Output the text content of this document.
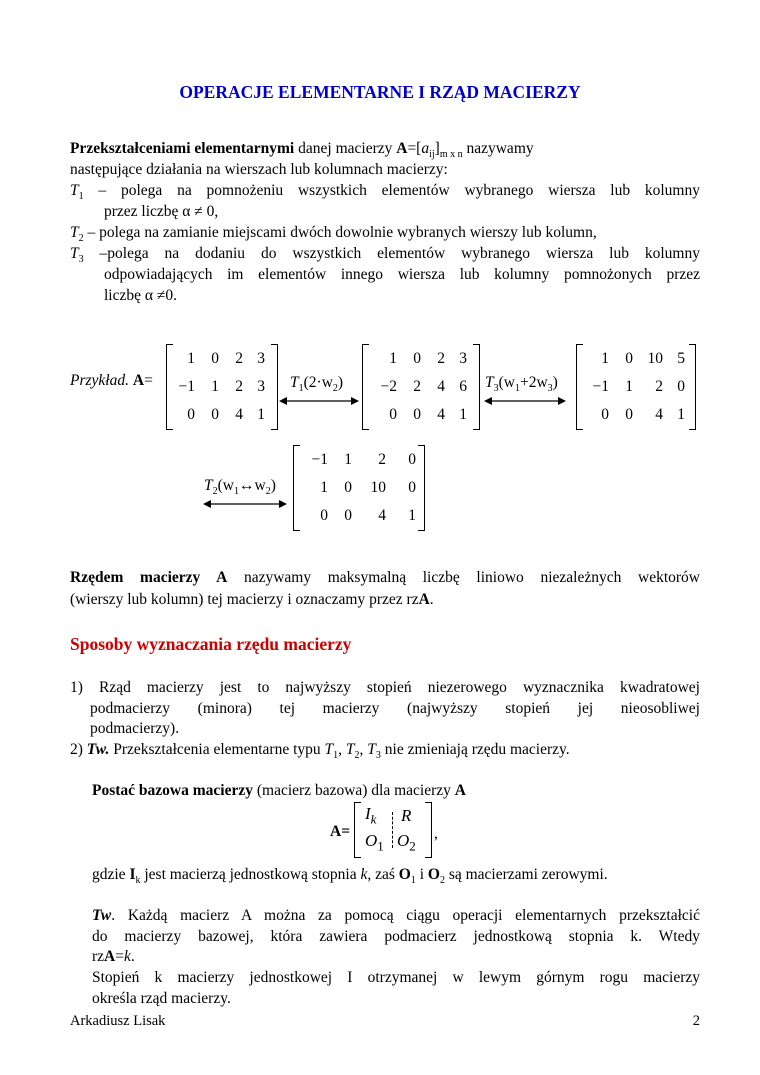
OPERACJE ELEMENTARNE I RZĄD MACIERZY
Przekształceniami elementarnymi danej macierzy $A=[a_{ij}]_{m x n}$ nazywamy
następujące działania na wierszach lub kolumnach macierzy:
$T_1$ – polega na pomnożeniu wszystkich elementów wybranego wiersza lub kolumny
przez liczbę α ≠ 0,
$T_2$ – polega na zamianie miejscami dwóch dowolnie wybranych wierszy lub kolumn,
$T_3$ –polega na dodaniu do wszystkich elementów wybranego wiersza lub kolumny
odpowiadających im elementów innego wiersza lub kolumny pomnożonych przez
liczbę α ≠0.
Przykład. A=
1	0	2	3
−1	1	2	3
0	0	4	1
$T_1(2\cdot w_2)$
1	0	2	3
−2	2	4	6
0	0	4	1
$T_3(w_1+2w_3)$
1	0	10	5
−1	1	2	0
0	0	4	1
$T_2(w_1\leftrightarrow w_2)$
−1	1	2	0
1	0	10	0
0	0	4	1
Rzędem macierzy A nazywamy maksymalną liczbę liniowo niezależnych wektorów
(wierszy lub kolumn) tej macierzy i oznaczamy przez rzA.
Sposoby wyznaczania rzędu macierzy
1) Rząd macierzy jest to najwyższy stopień niezerowego wyznacznika kwadratowej
podmacierzy (minora) tej macierzy (najwyższy stopień jej nieosobliwej
podmacierzy).
2) Tw. Przekształcenia elementarne typu $T_1$, $T_2$, $T_3$ nie zmieniają rzędu macierzy.
Postać bazowa macierzy (macierz bazowa) dla macierzy A
A=
$I_k$ R
$O_1$ $O_2$
,
gdzie $I_k$ jest macierzą jednostkową stopnia k, zaś $O_1$ i $O_2$ są macierzami zerowymi.
Tw. Każdą macierz A można za pomocą ciągu operacji elementarnych przekształcić
do macierzy bazowej, która zawiera podmacierz jednostkową stopnia k. Wtedy
rzA=k.
Stopień k macierzy jednostkowej I otrzymanej w lewym górnym rogu macierzy
określa rząd macierzy.
Arkadiusz Lisak	2
